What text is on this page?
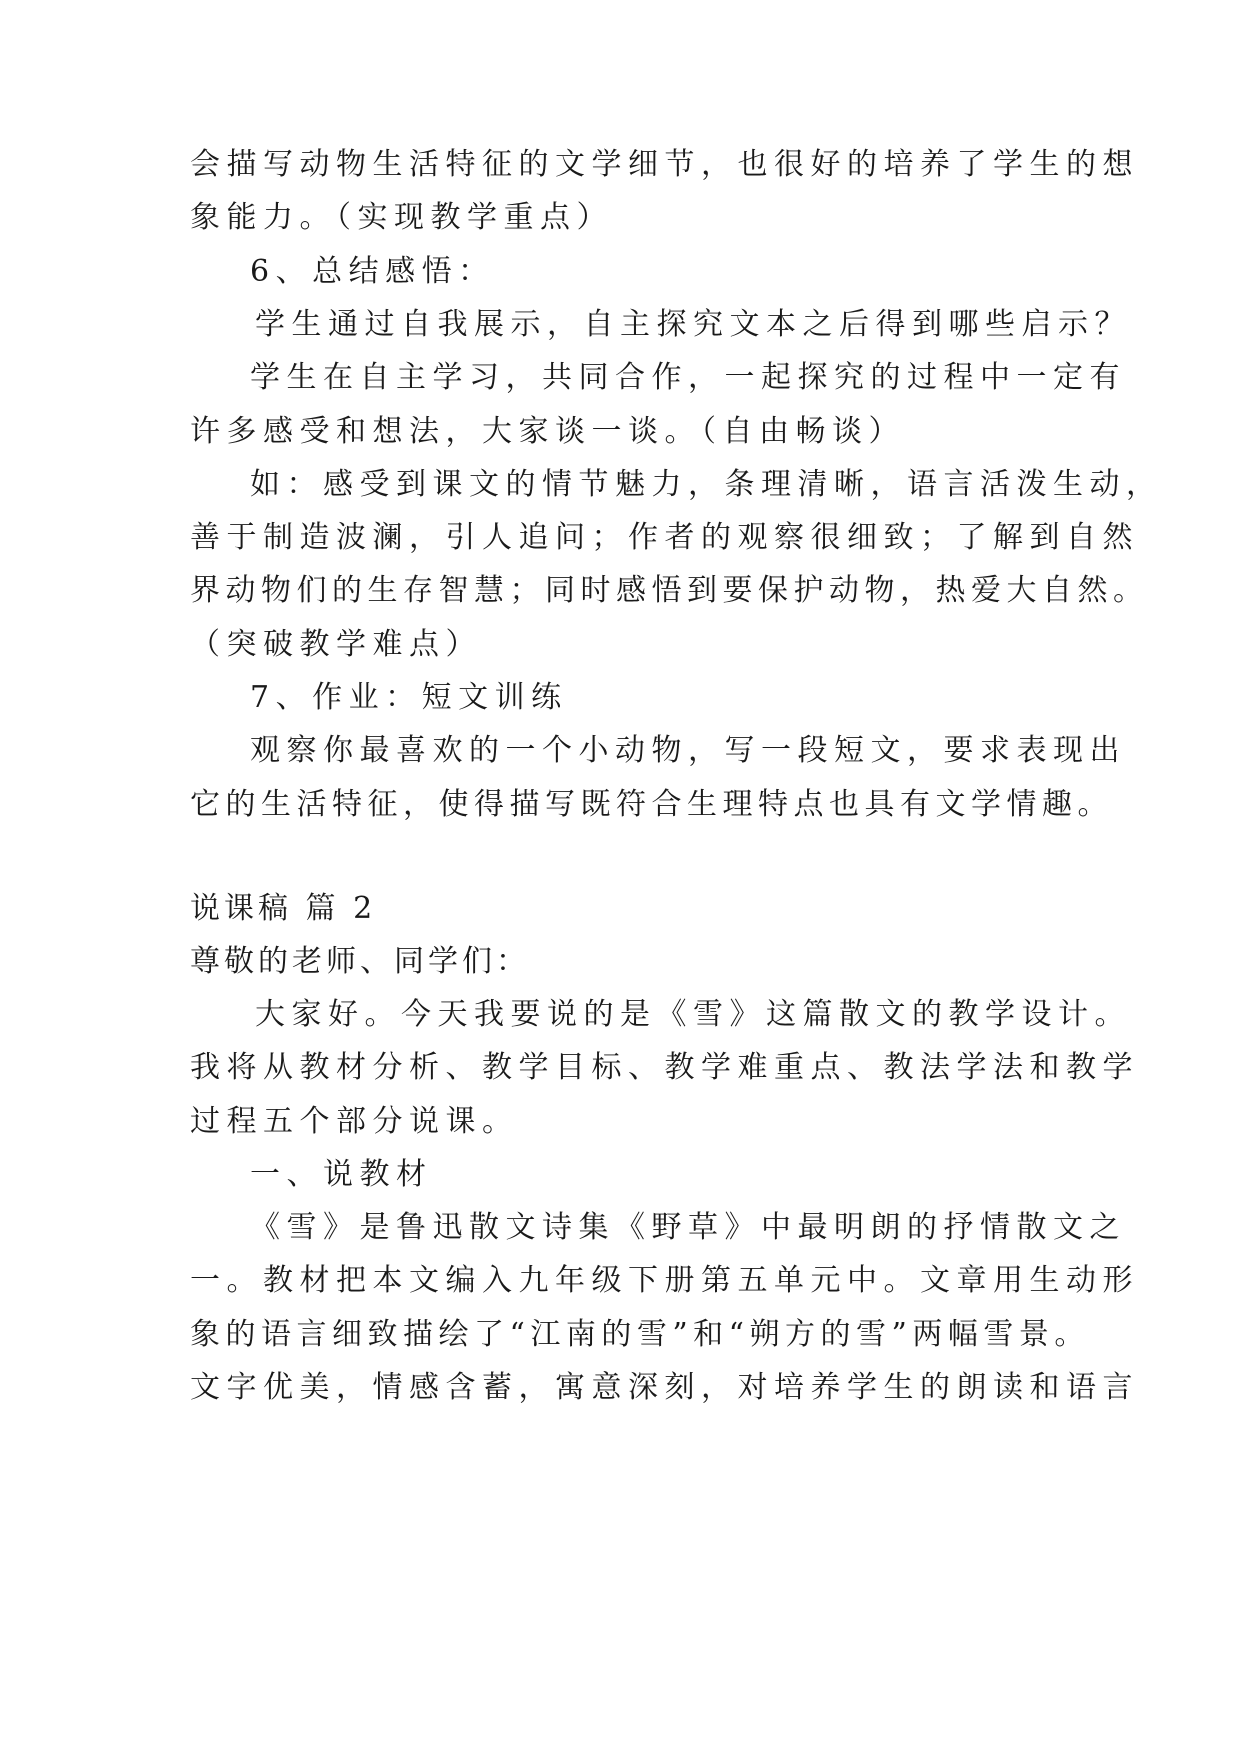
会描写动物生活特征的文学细节，也很好的培养了学生的想
象能力。（实现教学重点）
6、总结感悟：
学生通过自我展示，自主探究文本之后得到哪些启示？
学生在自主学习，共同合作，一起探究的过程中一定有
许多感受和想法，大家谈一谈。（自由畅谈）
如：感受到课文的情节魅力，条理清晰，语言活泼生动，
善于制造波澜，引人追问；作者的观察很细致；了解到自然
界动物们的生存智慧；同时感悟到要保护动物，热爱大自然。
（突破教学难点）
7、作业：短文训练
观察你最喜欢的一个小动物，写一段短文，要求表现出
它的生活特征，使得描写既符合生理特点也具有文学情趣。
说课稿 篇 2
尊敬的老师、同学们：
大家好。今天我要说的是《雪》这篇散文的教学设计。
我将从教材分析、教学目标、教学难重点、教法学法和教学
过程五个部分说课。
一、说教材
《雪》是鲁迅散文诗集《野草》中最明朗的抒情散文之
一。教材把本文编入九年级下册第五单元中。文章用生动形
象的语言细致描绘了“江南的雪”和“朔方的雪”两幅雪景。
文字优美，情感含蓄，寓意深刻，对培养学生的朗读和语言
